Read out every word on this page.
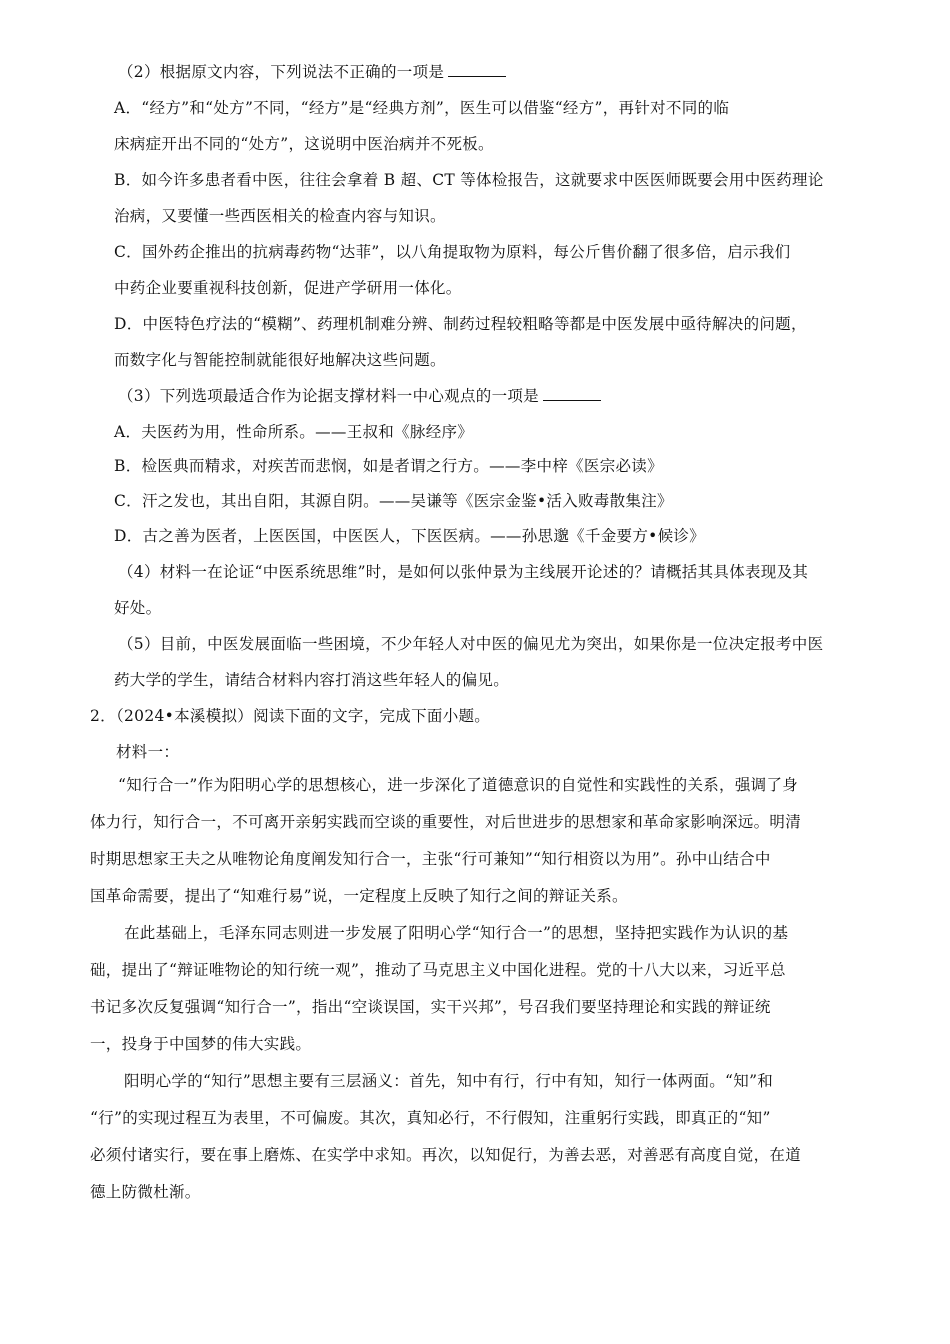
（2）根据原文内容，下列说法不正确的一项是
A．“经方”和“处方”不同，“经方”是“经典方剂”，医生可以借鉴“经方”，再针对不同的临
床病症开出不同的“处方”，这说明中医治病并不死板。
B．如今许多患者看中医，往往会拿着 B 超、CT 等体检报告，这就要求中医医师既要会用中医药理论
治病，又要懂一些西医相关的检查内容与知识。
C．国外药企推出的抗病毒药物“达菲”，以八角提取物为原料，每公斤售价翻了很多倍，启示我们
中药企业要重视科技创新，促进产学研用一体化。
D．中医特色疗法的“模糊”、药理机制难分辨、制药过程较粗略等都是中医发展中亟待解决的问题，
而数字化与智能控制就能很好地解决这些问题。
（3）下列选项最适合作为论据支撑材料一中心观点的一项是
A．夫医药为用，性命所系。——王叔和《脉经序》
B．检医典而精求，对疾苦而悲悯，如是者谓之行方。——李中梓《医宗必读》
C．汗之发也，其出自阳，其源自阴。——吴谦等《医宗金鉴•活入败毒散集注》
D．古之善为医者，上医医国，中医医人，下医医病。——孙思邈《千金要方•候诊》
（4）材料一在论证“中医系统思维”时，是如何以张仲景为主线展开论述的？请概括其具体表现及其
好处。
（5）目前，中医发展面临一些困境，不少年轻人对中医的偏见尤为突出，如果你是一位决定报考中医
药大学的学生，请结合材料内容打消这些年轻人的偏见。
2．（2024•本溪模拟）阅读下面的文字，完成下面小题。
材料一：
“知行合一”作为阳明心学的思想核心，进一步深化了道德意识的自觉性和实践性的关系，强调了身
体力行，知行合一，不可离开亲躬实践而空谈的重要性，对后世进步的思想家和革命家影响深远。明清
时期思想家王夫之从唯物论角度阐发知行合一，主张“行可兼知”“知行相资以为用”。孙中山结合中
国革命需要，提出了“知难行易”说，一定程度上反映了知行之间的辩证关系。
在此基础上，毛泽东同志则进一步发展了阳明心学“知行合一”的思想，坚持把实践作为认识的基
础，提出了“辩证唯物论的知行统一观”，推动了马克思主义中国化进程。党的十八大以来，习近平总
书记多次反复强调“知行合一”，指出“空谈误国，实干兴邦”，号召我们要坚持理论和实践的辩证统
一，投身于中国梦的伟大实践。
阳明心学的“知行”思想主要有三层涵义：首先，知中有行，行中有知，知行一体两面。“知”和
“行”的实现过程互为表里，不可偏废。其次，真知必行，不行假知，注重躬行实践，即真正的“知”
必须付诸实行，要在事上磨炼、在实学中求知。再次，以知促行，为善去恶，对善恶有高度自觉，在道
德上防微杜渐。
